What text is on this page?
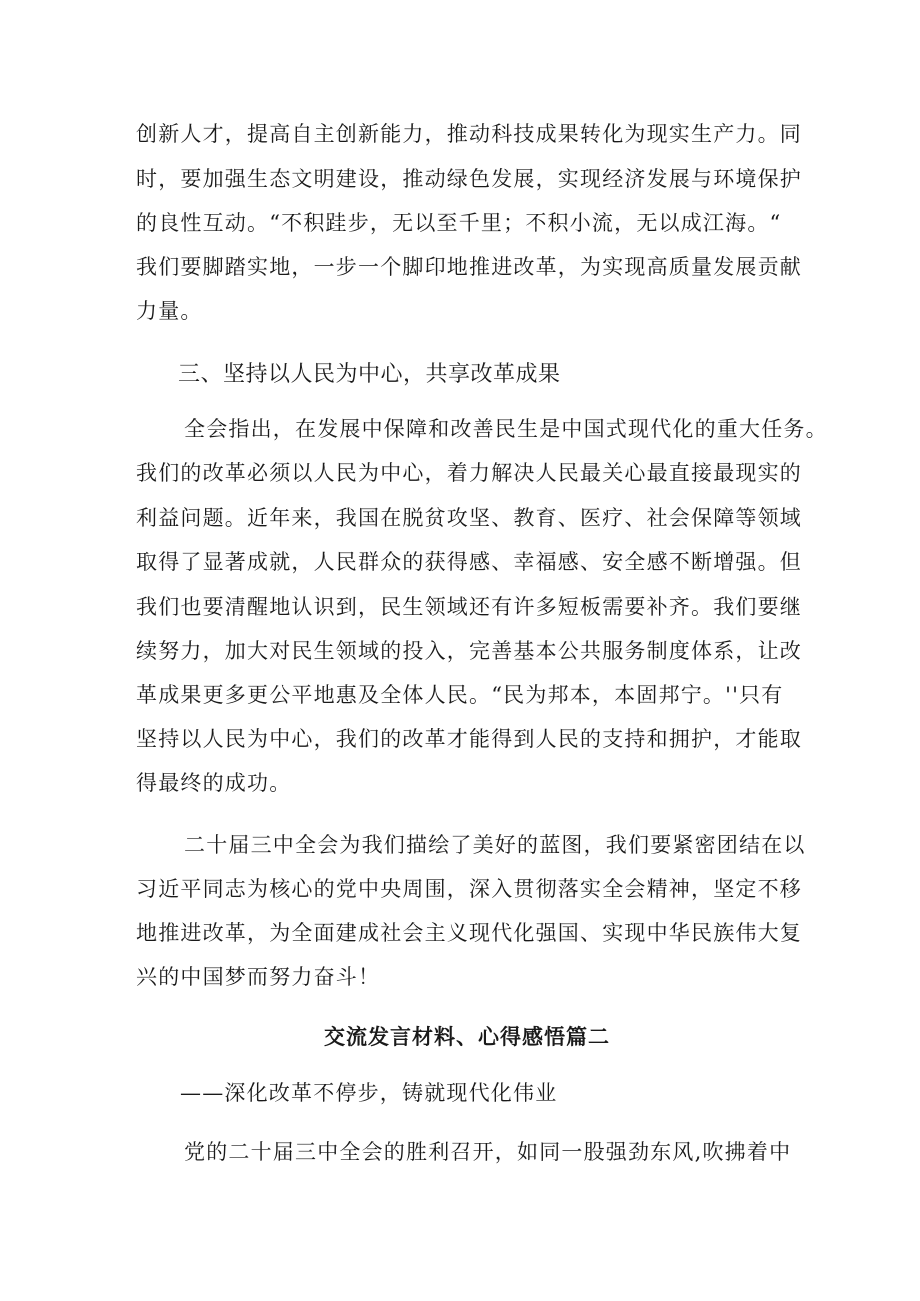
创新人才，提高自主创新能力，推动科技成果转化为现实生产力。同
时，要加强生态文明建设，推动绿色发展，实现经济发展与环境保护
的良性互动。“不积跬步，无以至千里；不积小流，无以成江海。“
我们要脚踏实地，一步一个脚印地推进改革，为实现高质量发展贡献
力量。
三、坚持以人民为中心，共享改革成果
全会指出，在发展中保障和改善民生是中国式现代化的重大任务。
我们的改革必须以人民为中心，着力解决人民最关心最直接最现实的
利益问题。近年来，我国在脱贫攻坚、教育、医疗、社会保障等领域
取得了显著成就，人民群众的获得感、幸福感、安全感不断增强。但
我们也要清醒地认识到，民生领域还有许多短板需要补齐。我们要继
续努力，加大对民生领域的投入，完善基本公共服务制度体系，让改
革成果更多更公平地惠及全体人民。“民为邦本，本固邦宁。''只有
坚持以人民为中心，我们的改革才能得到人民的支持和拥护，才能取
得最终的成功。
二十届三中全会为我们描绘了美好的蓝图，我们要紧密团结在以
习近平同志为核心的党中央周围，深入贯彻落实全会精神，坚定不移
地推进改革，为全面建成社会主义现代化强国、实现中华民族伟大复
兴的中国梦而努力奋斗！
交流发言材料、心得感悟篇二
——深化改革不停步，铸就现代化伟业
党的二十届三中全会的胜利召开，如同一股强劲东风,吹拂着中
